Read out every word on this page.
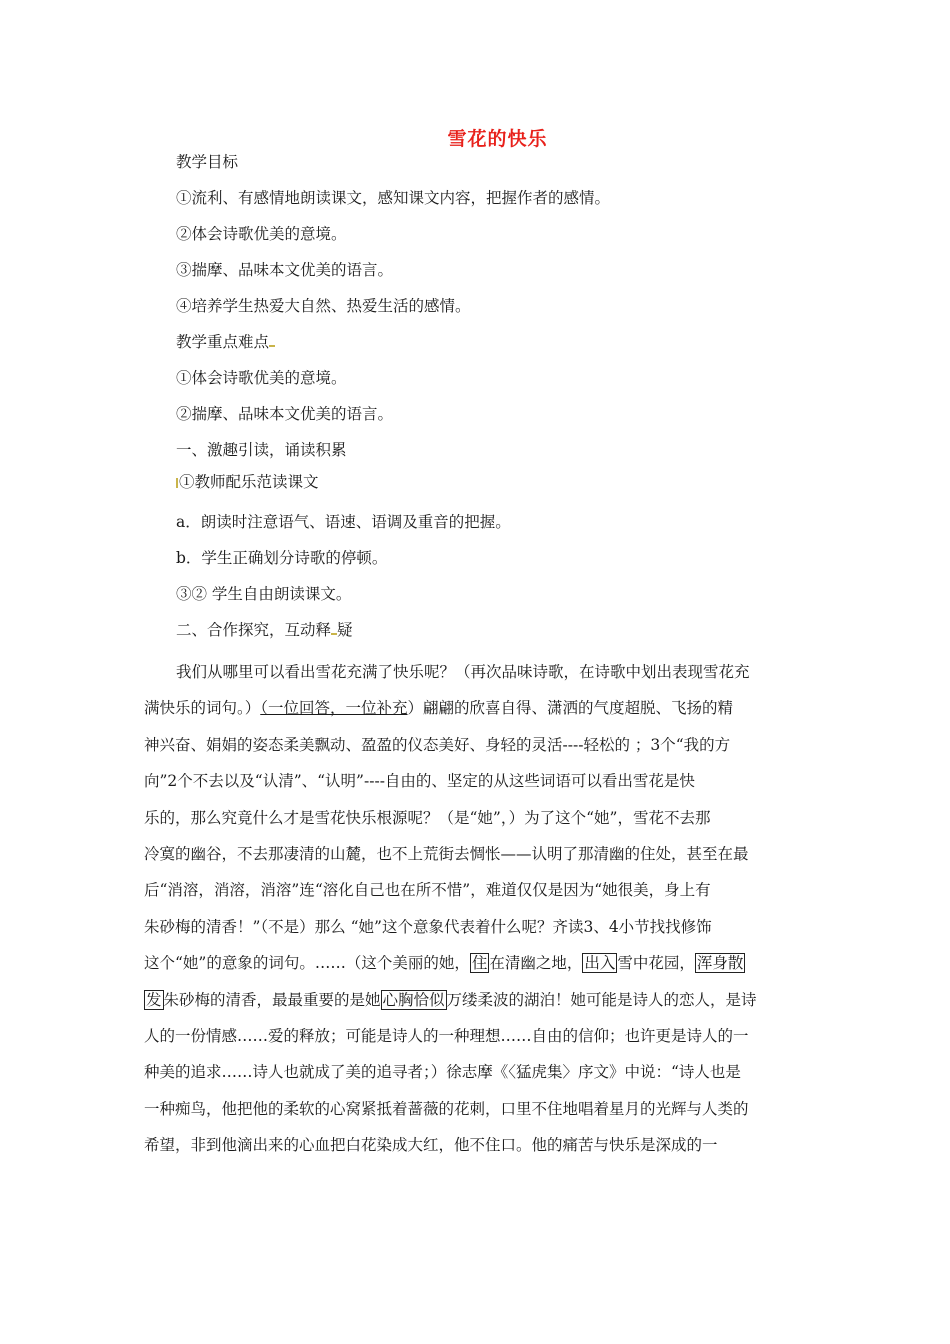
雪花的快乐
教学目标
①流利、有感情地朗读课文，感知课文内容，把握作者的感情。
②体会诗歌优美的意境。
③揣摩、品味本文优美的语言。
④培养学生热爱大自然、热爱生活的感情。
教学重点难点
①体会诗歌优美的意境。
②揣摩、品味本文优美的语言。
一、激趣引读，诵读积累
①教师配乐范读课文
a．朗读时注意语气、语速、语调及重音的把握。
b．学生正确划分诗歌的停顿。
③② 学生自由朗读课文。
二、合作探究，互动释 疑
我们从哪里可以看出雪花充满了快乐呢？（再次品味诗歌，在诗歌中划出表现雪花充
满快乐的词句。）（一位回答，一位补充）翩翩的欣喜自得、潇洒的气度超脱、飞扬的精
神兴奋、娟娟的姿态柔美飘动、盈盈的仪态美好、身轻的灵活----轻松的 ；3个“我的方
向”2个不去以及“认清”、“认明”----自由的、坚定的从这些词语可以看出雪花是快
乐的，那么究竟什么才是雪花快乐根源呢？（是“她”，）为了这个“她”，雪花不去那
冷寞的幽谷，不去那凄清的山麓，也不上荒街去惆怅——认明了那清幽的住处，甚至在最
后“消溶，消溶，消溶”连“溶化自己也在所不惜”，难道仅仅是因为“她很美，身上有
朱砂梅的清香！”（不是）那么 “她”这个意象代表着什么呢？齐读3、4小节找找修饰
这个“她”的意象的词句。……（这个美丽的她， 住 在清幽之地， 出入 雪中花园， 浑身散
发 朱砂梅的清香，最最重要的是她 心胸恰似 万缕柔波的湖泊！她可能是诗人的恋人，是诗
人的一份情感……爱的释放；可能是诗人的一种理想……自由的信仰；也许更是诗人的一
种美的追求……诗人也就成了美的追寻者；）徐志摩《〈猛虎集〉序文》中说：“诗人也是
一种痴鸟，他把他的柔软的心窝紧抵着蔷薇的花刺，口里不住地唱着星月的光辉与人类的
希望，非到他滴出来的心血把白花染成大红，他不住口。他的痛苦与快乐是深成的一
